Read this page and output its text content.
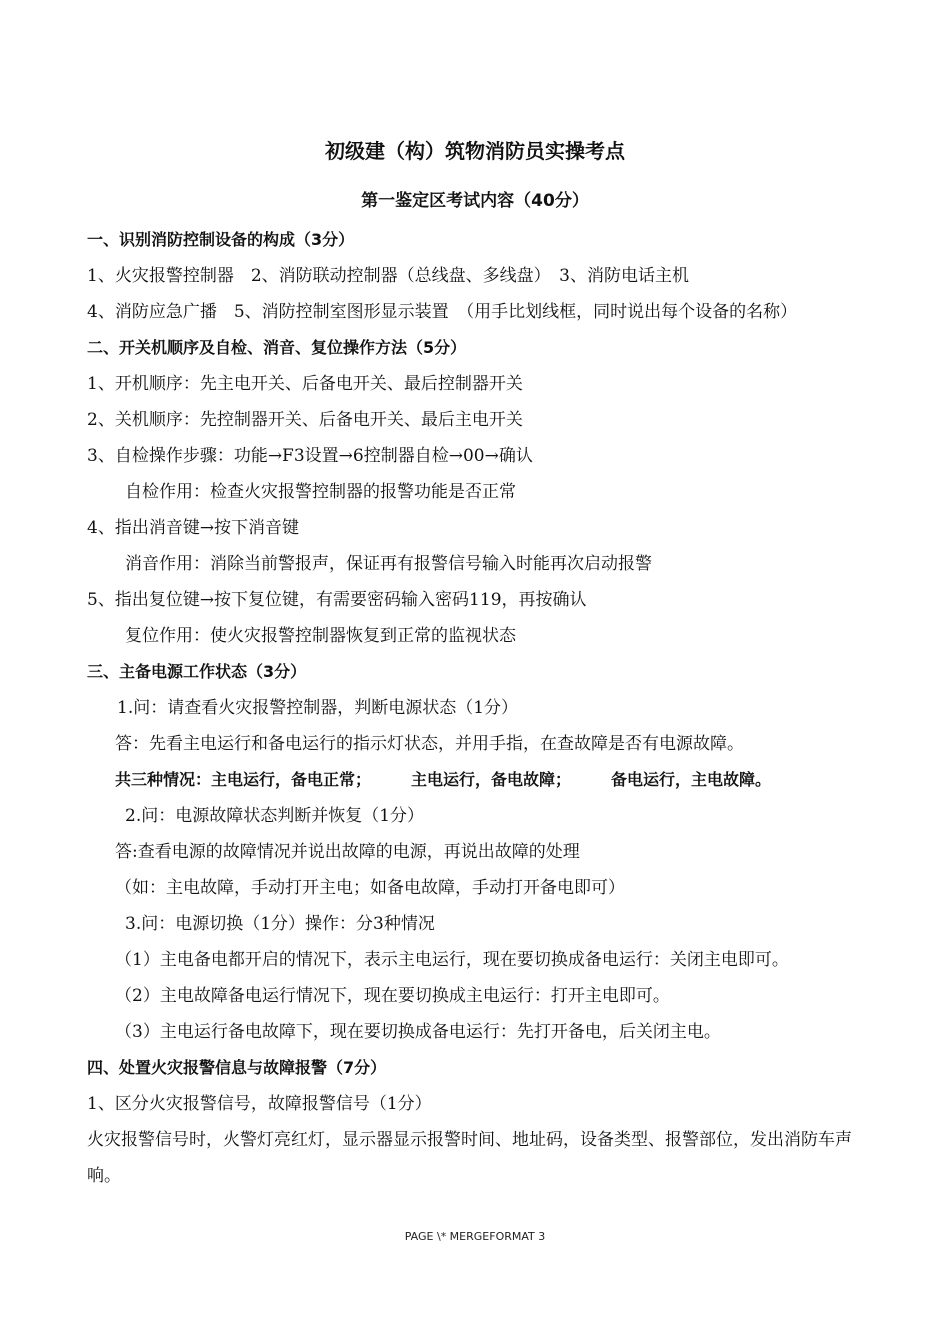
初级建（构）筑物消防员实操考点
第一鉴定区考试内容（40分）
一、识别消防控制设备的构成（3分）
1、火灾报警控制器　2、消防联动控制器（总线盘、多线盘）　3、消防电话主机
4、消防应急广播　5、消防控制室图形显示装置　（用手比划线框，同时说出每个设备的名称）
二、开关机顺序及自检、消音、复位操作方法（5分）
1、开机顺序：先主电开关、后备电开关、最后控制器开关
2、关机顺序：先控制器开关、后备电开关、最后主电开关
3、自检操作步骤：功能→F3设置→6控制器自检→00→确认
自检作用：检查火灾报警控制器的报警功能是否正常
4、指出消音键→按下消音键
消音作用：消除当前警报声，保证再有报警信号输入时能再次启动报警
5、指出复位键→按下复位键，有需要密码输入密码119，再按确认
复位作用：使火灾报警控制器恢复到正常的监视状态
三、主备电源工作状态（3分）
1.问：请查看火灾报警控制器，判断电源状态（1分）
答：先看主电运行和备电运行的指示灯状态，并用手指，在查故障是否有电源故障。
共三种情况：主电运行，备电正常；	主电运行，备电故障；	备电运行，主电故障。
2.问：电源故障状态判断并恢复（1分）
答:查看电源的故障情况并说出故障的电源，再说出故障的处理
（如：主电故障，手动打开主电；如备电故障，手动打开备电即可）
3.问：电源切换（1分）操作：分3种情况
（1）主电备电都开启的情况下，表示主电运行，现在要切换成备电运行：关闭主电即可。
（2）主电故障备电运行情况下，现在要切换成主电运行：打开主电即可。
（3）主电运行备电故障下，现在要切换成备电运行：先打开备电，后关闭主电。
四、处置火灾报警信息与故障报警（7分）
1、区分火灾报警信号，故障报警信号（1分）
火灾报警信号时，火警灯亮红灯，显示器显示报警时间、地址码，设备类型、报警部位，发出消防车声响。
PAGE \* MERGEFORMAT 3
